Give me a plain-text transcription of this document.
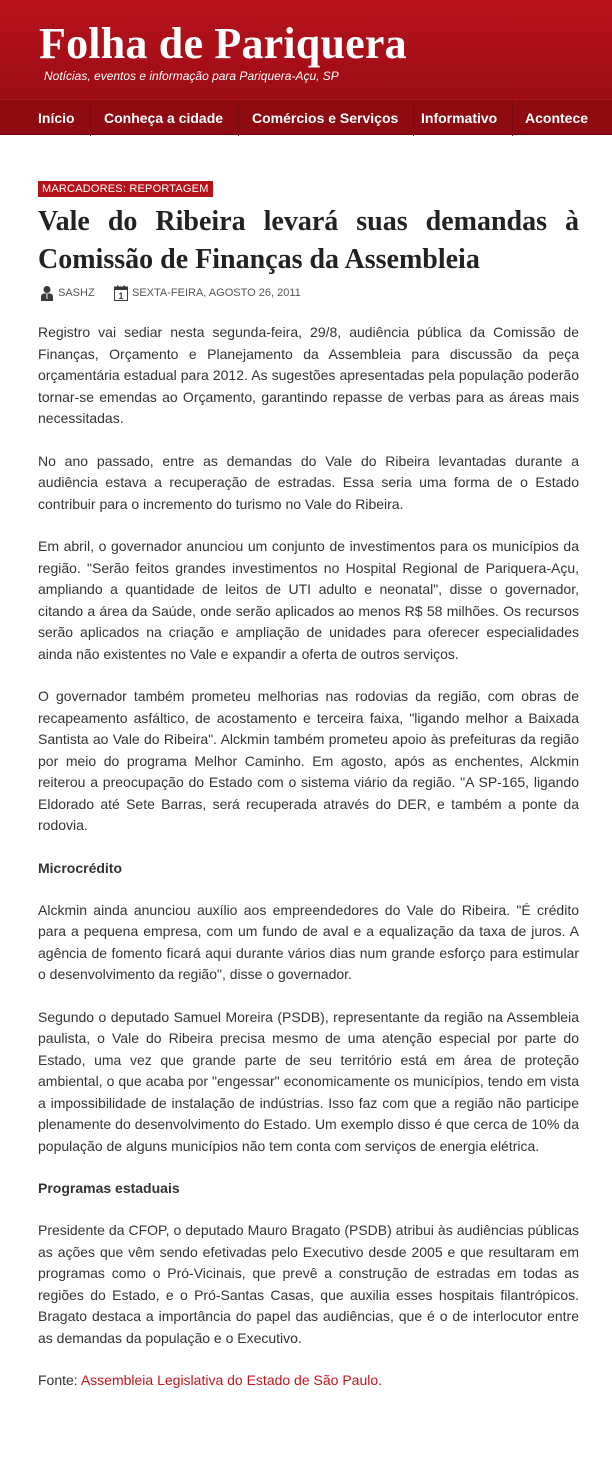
Folha de Pariquera
Notícias, eventos e informação para Pariquera-Açu, SP
Início	Conheça a cidade	Comércios e Serviços	Informativo	Acontece
MARCADORES: REPORTAGEM
Vale do Ribeira levará suas demandas à Comissão de Finanças da Assembleia
SASHZ	1 SEXTA-FEIRA, AGOSTO 26, 2011

Registro vai sediar nesta segunda-feira, 29/8, audiência pública da Comissão de Finanças, Orçamento e Planejamento da Assembleia para discussão da peça orçamentária estadual para 2012. As sugestões apresentadas pela população poderão tornar-se emendas ao Orçamento, garantindo repasse de verbas para as áreas mais necessitadas.

No ano passado, entre as demandas do Vale do Ribeira levantadas durante a audiência estava a recuperação de estradas. Essa seria uma forma de o Estado contribuir para o incremento do turismo no Vale do Ribeira.

Em abril, o governador anunciou um conjunto de investimentos para os municípios da região. "Serão feitos grandes investimentos no Hospital Regional de Pariquera-Açu, ampliando a quantidade de leitos de UTI adulto e neonatal", disse o governador, citando a área da Saúde, onde serão aplicados ao menos R$ 58 milhões. Os recursos serão aplicados na criação e ampliação de unidades para oferecer especialidades ainda não existentes no Vale e expandir a oferta de outros serviços.

O governador também prometeu melhorias nas rodovias da região, com obras de recapeamento asfáltico, de acostamento e terceira faixa, "ligando melhor a Baixada Santista ao Vale do Ribeira". Alckmin também prometeu apoio às prefeituras da região por meio do programa Melhor Caminho. Em agosto, após as enchentes, Alckmin reiterou a preocupação do Estado com o sistema viário da região. "A SP-165, ligando Eldorado até Sete Barras, será recuperada através do DER, e também a ponte da rodovia.

Microcrédito

Alckmin ainda anunciou auxílio aos empreendedores do Vale do Ribeira. "É crédito para a pequena empresa, com um fundo de aval e a equalização da taxa de juros. A agência de fomento ficará aqui durante vários dias num grande esforço para estimular o desenvolvimento da região", disse o governador.

Segundo o deputado Samuel Moreira (PSDB), representante da região na Assembleia paulista, o Vale do Ribeira precisa mesmo de uma atenção especial por parte do Estado, uma vez que grande parte de seu território está em área de proteção ambiental, o que acaba por "engessar" economicamente os municípios, tendo em vista a impossibilidade de instalação de indústrias. Isso faz com que a região não participe plenamente do desenvolvimento do Estado. Um exemplo disso é que cerca de 10% da população de alguns municípios não tem conta com serviços de energia elétrica.

Programas estaduais

Presidente da CFOP, o deputado Mauro Bragato (PSDB) atribui às audiências públicas as ações que vêm sendo efetivadas pelo Executivo desde 2005 e que resultaram em programas como o Pró-Vicinais, que prevê a construção de estradas em todas as regiões do Estado, e o Pró-Santas Casas, que auxilia esses hospitais filantrópicos. Bragato destaca a importância do papel das audiências, que é o de interlocutor entre as demandas da população e o Executivo.

Fonte: Assembleia Legislativa do Estado de São Paulo.
